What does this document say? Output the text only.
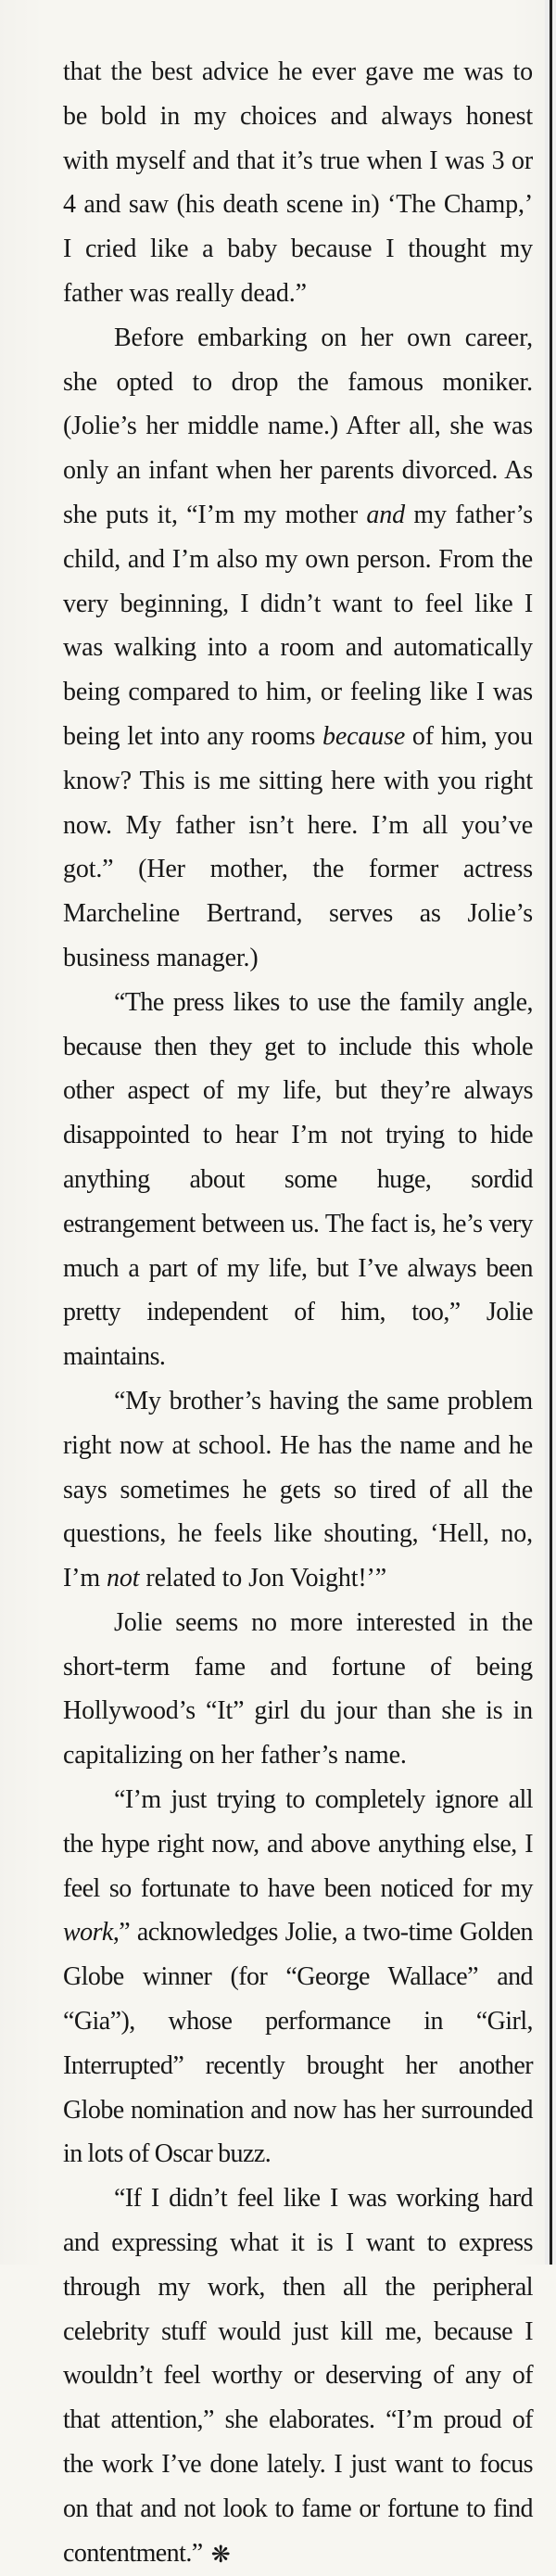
that the best advice he ever gave me was to be bold in my choices and always honest with myself and that it’s true when I was 3 or 4 and saw (his death scene in) ‘The Champ,’ I cried like a baby because I thought my father was really dead.”

Before embarking on her own career, she opted to drop the famous moniker. (Jolie’s her middle name.) After all, she was only an infant when her parents divorced. As she puts it, “I’m my mother and my father’s child, and I’m also my own person. From the very beginning, I didn’t want to feel like I was walking into a room and automatically being compared to him, or feeling like I was being let into any rooms because of him, you know? This is me sitting here with you right now. My father isn’t here. I’m all you’ve got.” (Her mother, the former actress Marcheline Bertrand, serves as Jolie’s business manager.)

“The press likes to use the family angle, because then they get to include this whole other aspect of my life, but they’re always disappointed to hear I’m not trying to hide anything about some huge, sordid estrangement between us. The fact is, he’s very much a part of my life, but I’ve always been pretty independent of him, too,” Jolie maintains.

“My brother’s having the same problem right now at school. He has the name and he says sometimes he gets so tired of all the questions, he feels like shouting, ‘Hell, no, I’m not related to Jon Voight!’”

Jolie seems no more interested in the short-term fame and fortune of being Hollywood’s “It” girl du jour than she is in capitalizing on her father’s name.

“I’m just trying to completely ignore all the hype right now, and above anything else, I feel so fortunate to have been noticed for my work,” acknowledges Jolie, a two-time Golden Globe winner (for “George Wallace” and “Gia”), whose performance in “Girl, Interrupted” recently brought her another Globe nomination and now has her surrounded in lots of Oscar buzz.

“If I didn’t feel like I was working hard and expressing what it is I want to express through my work, then all the peripheral celebrity stuff would just kill me, because I wouldn’t feel worthy or deserving of any of that attention,” she elaborates. “I’m proud of the work I’ve done lately. I just want to focus on that and not look to fame or fortune to find contentment.” ❋
